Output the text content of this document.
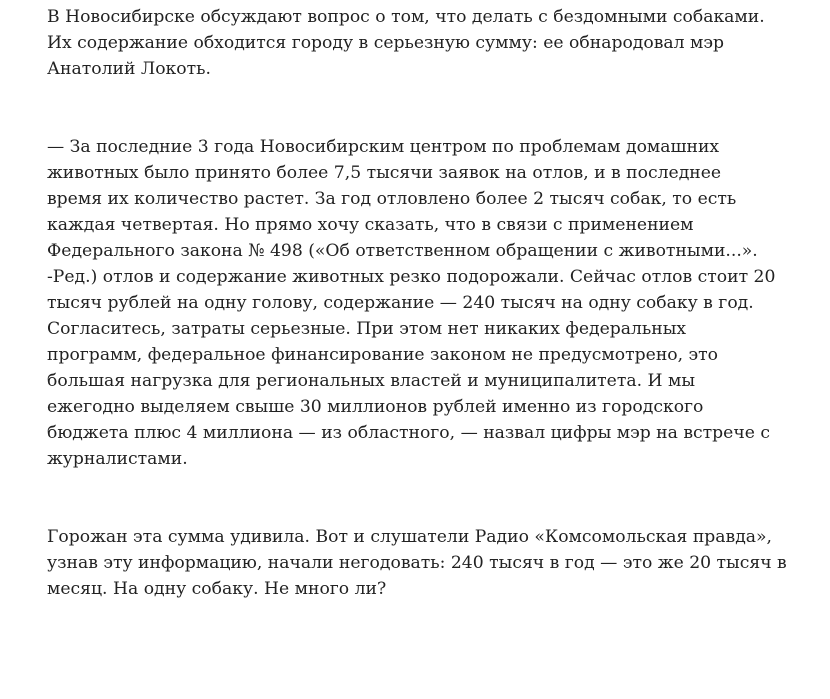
В Новосибирске обсуждают вопрос о том, что делать с бездомными собаками.
Их содержание обходится городу в серьезную сумму: ее обнародовал мэр
Анатолий Локоть.

— За последние 3 года Новосибирским центром по проблемам домашних
животных было принято более 7,5 тысячи заявок на отлов, и в последнее
время их количество растет. За год отловлено более 2 тысяч собак, то есть
каждая четвертая. Но прямо хочу сказать, что в связи с применением
Федерального закона № 498 («Об ответственном обращении с животными...».
-Ред.) отлов и содержание животных резко подорожали. Сейчас отлов стоит 20
тысяч рублей на одну голову, содержание — 240 тысяч на одну собаку в год.
Согласитесь, затраты серьезные. При этом нет никаких федеральных
программ, федеральное финансирование законом не предусмотрено, это
большая нагрузка для региональных властей и муниципалитета. И мы
ежегодно выделяем свыше 30 миллионов рублей именно из городского
бюджета плюс 4 миллиона — из областного, — назвал цифры мэр на встрече с
журналистами.

Горожан эта сумма удивила. Вот и слушатели Радио «Комсомольская правда»,
узнав эту информацию, начали негодовать: 240 тысяч в год — это же 20 тысяч в
месяц. На одну собаку. Не много ли?
